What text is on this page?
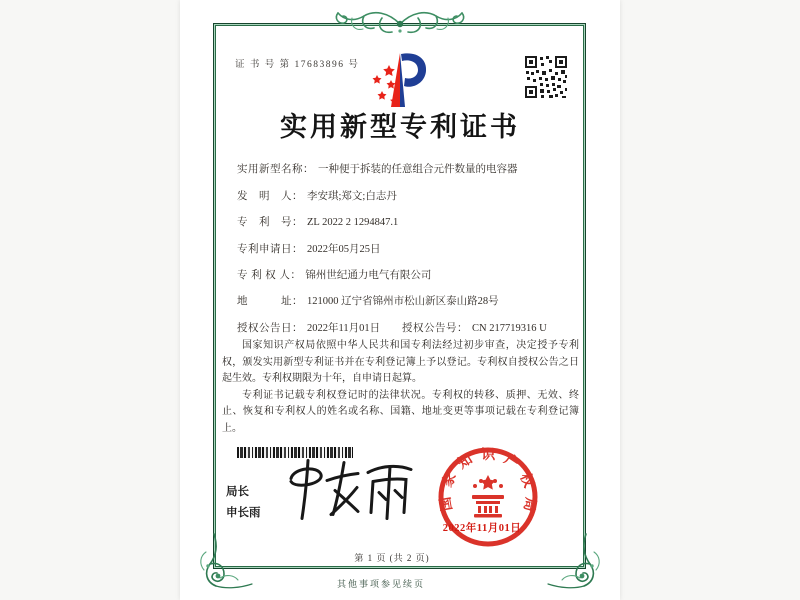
证 书 号 第 17683896 号
实用新型专利证书
实用新型名称： 一种便于拆装的任意组合元件数量的电容器
发　明　人： 李安琪;郑文;白志丹
专　利　号： ZL 2022 2 1294847.1
专利申请日： 2022年05月25日
专 利 权 人： 锦州世纪通力电气有限公司
地　　　址： 121000 辽宁省锦州市松山新区泰山路28号
授权公告日： 2022年11月01日 授权公告号： CN 217719316 U

国家知识产权局依照中华人民共和国专利法经过初步审查，决定授予专利权，颁发实用新型专利证书并在专利登记簿上予以登记。专利权自授权公告之日起生效。专利权期限为十年，自申请日起算。

专利证书记载专利权登记时的法律状况。专利权的转移、质押、无效、终止、恢复和专利权人的姓名或名称、国籍、地址变更等事项记载在专利登记簿上。

局长
申长雨
国家知识产权局
2022年11月01日
第 1 页 (共 2 页)
其他事项参见续页
